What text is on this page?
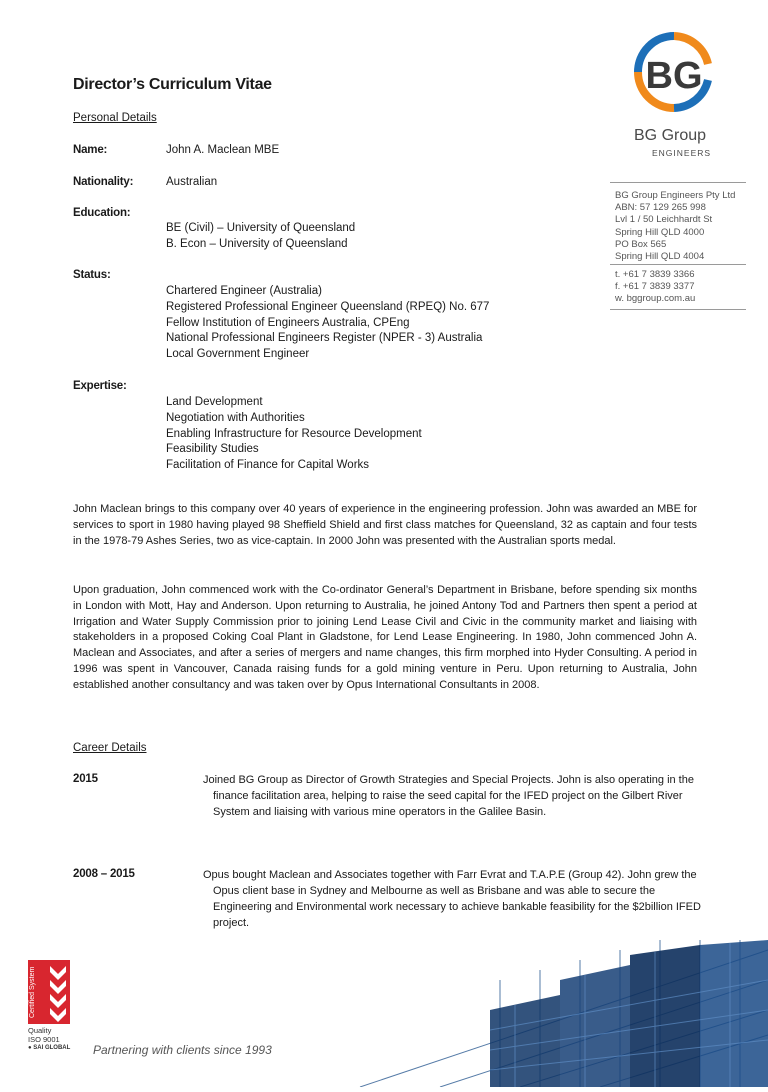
Director’s Curriculum Vitae
Personal Details
Name:	John A. Maclean MBE
Nationality:	Australian
Education:
BE (Civil) – University of Queensland
B. Econ – University of Queensland
Status:
Chartered Engineer (Australia)
Registered Professional Engineer Queensland (RPEQ) No. 677
Fellow Institution of Engineers Australia, CPEng
National Professional Engineers Register (NPER - 3) Australia
Local Government Engineer
Expertise:
Land Development
Negotiation with Authorities
Enabling Infrastructure for Resource Development
Feasibility Studies
Facilitation of Finance for Capital Works
John Maclean brings to this company over 40 years of experience in the engineering profession. John was awarded an MBE for services to sport in 1980 having played 98 Sheffield Shield and first class matches for Queensland, 32 as captain and four tests in the 1978-79 Ashes Series, two as vice-captain. In 2000 John was presented with the Australian sports medal.
Upon graduation, John commenced work with the Co-ordinator General’s Department in Brisbane, before spending six months in London with Mott, Hay and Anderson. Upon returning to Australia, he joined Antony Tod and Partners then spent a period at Irrigation and Water Supply Commission prior to joining Lend Lease Civil and Civic in the community market and liaising with stakeholders in a proposed Coking Coal Plant in Gladstone, for Lend Lease Engineering. In 1980, John commenced John A. Maclean and Associates, and after a series of mergers and name changes, this firm morphed into Hyder Consulting. A period in 1996 was spent in Vancouver, Canada raising funds for a gold mining venture in Peru. Upon returning to Australia, John established another consultancy and was taken over by Opus International Consultants in 2008.
Career Details
2015	Joined BG Group as Director of Growth Strategies and Special Projects. John is also operating in the finance facilitation area, helping to raise the seed capital for the IFED project on the Gilbert River System and liaising with various mine operators in the Galilee Basin.
2008 – 2015	Opus bought Maclean and Associates together with Farr Evrat and T.A.P.E (Group 42). John grew the Opus client base in Sydney and Melbourne as well as Brisbane and was able to secure the Engineering and Environmental work necessary to achieve bankable feasibility for the $2billion IFED project.
BG
BG Group
ENGINEERS
BG Group Engineers Pty Ltd
ABN: 57 129 265 998
Lvl 1 / 50 Leichhardt St
Spring Hill QLD 4000
PO Box 565
Spring Hill QLD 4004
t. +61 7 3839 3366
f. +61 7 3839 3377
w. bggroup.com.au
Certified System
Quality
ISO 9001
● SAI GLOBAL Partnering with clients since 1993
